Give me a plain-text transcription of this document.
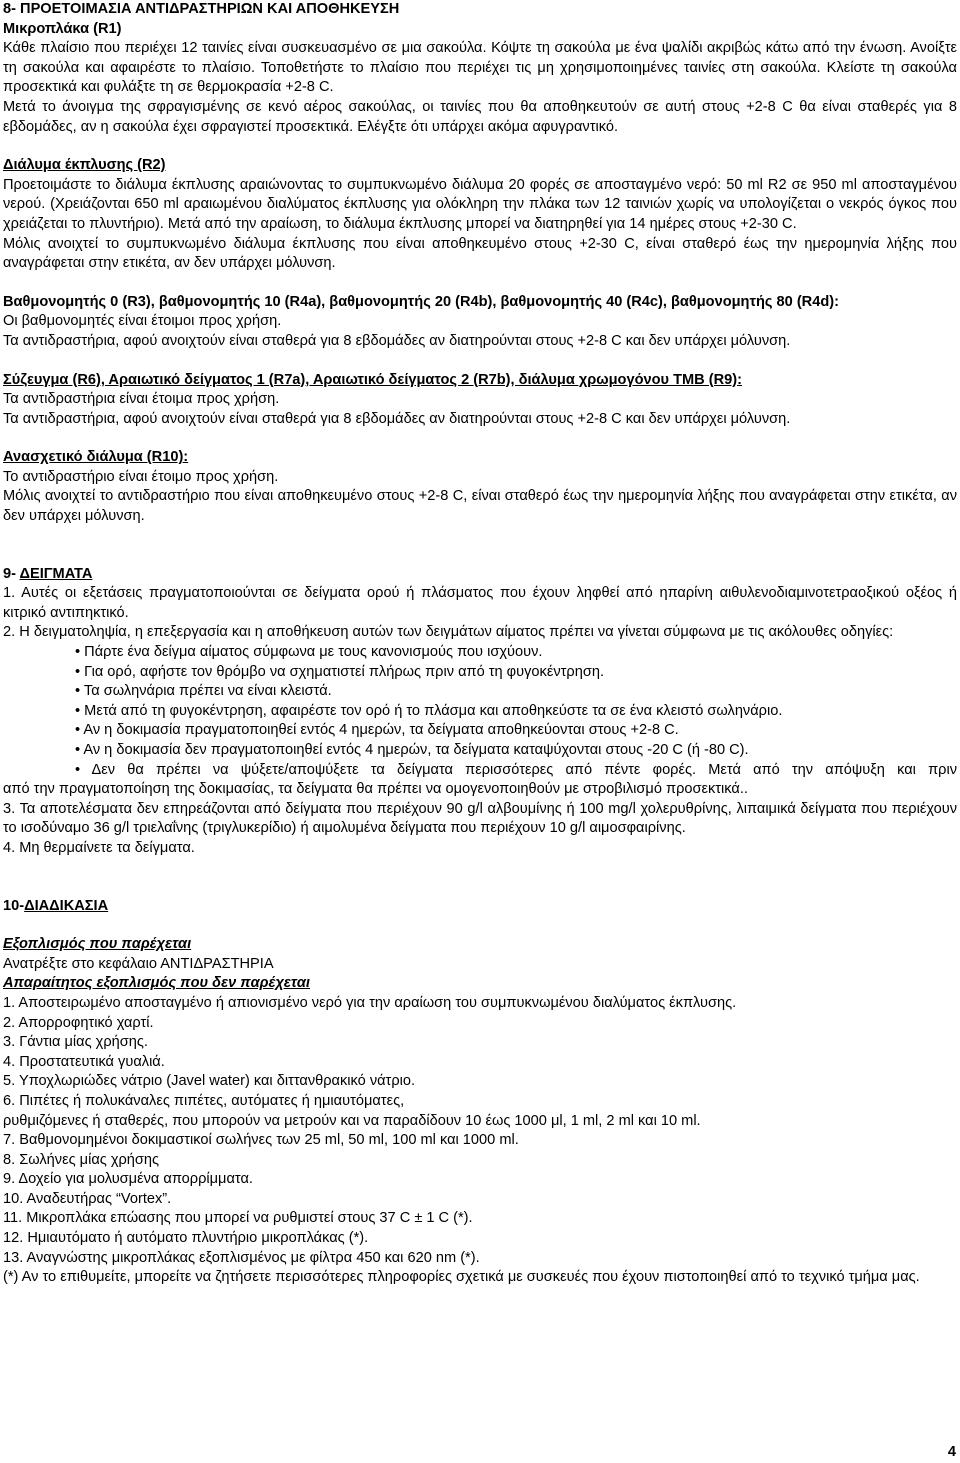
8- ΠΡΟΕΤΟΙΜΑΣΙΑ ΑΝΤΙΔΡΑΣΤΗΡΙΩΝ ΚΑΙ ΑΠΟΘΗΚΕΥΣΗ

Μικροπλάκα (R1)

Κάθε πλαίσιο που περιέχει 12 ταινίες είναι συσκευασμένο σε μια σακούλα. Κόψτε τη σακούλα με ένα ψαλίδι ακριβώς κάτω από την ένωση. Ανοίξτε τη σακούλα και αφαιρέστε το πλαίσιο. Τοποθετήστε το πλαίσιο που περιέχει τις μη χρησιμοποιημένες ταινίες στη σακούλα. Κλείστε τη σακούλα προσεκτικά και φυλάξτε τη σε θερμοκρασία +2-8 C.

Μετά το άνοιγμα της σφραγισμένης σε κενό αέρος σακούλας, οι ταινίες που θα αποθηκευτούν σε αυτή στους +2-8 C θα είναι σταθερές για 8 εβδομάδες, αν η σακούλα έχει σφραγιστεί προσεκτικά. Ελέγξτε ότι υπάρχει ακόμα αφυγραντικό.

Διάλυμα έκπλυσης (R2)

Προετοιμάστε το διάλυμα έκπλυσης αραιώνοντας το συμπυκνωμένο διάλυμα 20 φορές σε αποσταγμένο νερό: 50 ml R2 σε 950 ml αποσταγμένου νερού. (Χρειάζονται 650 ml αραιωμένου διαλύματος έκπλυσης για ολόκληρη την πλάκα των 12 ταινιών χωρίς να υπολογίζεται ο νεκρός όγκος που χρειάζεται το πλυντήριο). Μετά από την αραίωση, το διάλυμα έκπλυσης μπορεί να διατηρηθεί για 14 ημέρες στους +2-30 C.

Μόλις ανοιχτεί το συμπυκνωμένο διάλυμα έκπλυσης που είναι αποθηκευμένο στους +2-30 C, είναι σταθερό έως την ημερομηνία λήξης που αναγράφεται στην ετικέτα, αν δεν υπάρχει μόλυνση.

Βαθμονομητής 0 (R3), βαθμονομητής 10 (R4a), βαθμονομητής 20 (R4b), βαθμονομητής 40 (R4c), βαθμονομητής 80 (R4d):

Οι βαθμονομητές είναι έτοιμοι προς χρήση.

Τα αντιδραστήρια, αφού ανοιχτούν είναι σταθερά για 8 εβδομάδες αν διατηρούνται στους +2-8 C και δεν υπάρχει μόλυνση.

Σύζευγμα (R6), Αραιωτικό δείγματος 1 (R7a), Αραιωτικό δείγματος 2 (R7b), διάλυμα χρωμογόνου ΤΜΒ (R9):

Τα αντιδραστήρια είναι έτοιμα προς χρήση.

Τα αντιδραστήρια, αφού ανοιχτούν είναι σταθερά για 8 εβδομάδες αν διατηρούνται στους +2-8 C και δεν υπάρχει μόλυνση.

Ανασχετικό διάλυμα (R10):

Το αντιδραστήριο είναι έτοιμο προς χρήση.

Μόλις ανοιχτεί το αντιδραστήριο που είναι αποθηκευμένο στους +2-8 C, είναι σταθερό έως την ημερομηνία λήξης που αναγράφεται στην ετικέτα, αν δεν υπάρχει μόλυνση.

9- ΔΕΙΓΜΑΤΑ

1. Αυτές οι εξετάσεις πραγματοποιούνται σε δείγματα ορού ή πλάσματος που έχουν ληφθεί από ηπαρίνη αιθυλενοδιαμινοτετραοξικού οξέος ή κιτρικό αντιπηκτικό.

2. Η δειγματοληψία, η επεξεργασία και η αποθήκευση αυτών των δειγμάτων αίματος πρέπει να γίνεται σύμφωνα με τις ακόλουθες οδηγίες:

• Πάρτε ένα δείγμα αίματος σύμφωνα με τους κανονισμούς που ισχύουν.

• Για ορό, αφήστε τον θρόμβο να σχηματιστεί πλήρως πριν από τη φυγοκέντρηση.

• Τα σωληνάρια πρέπει να είναι κλειστά.

• Μετά από τη φυγοκέντρηση, αφαιρέστε τον ορό ή το πλάσμα και αποθηκεύστε τα σε ένα κλειστό σωληνάριο.

• Αν η δοκιμασία πραγματοποιηθεί εντός 4 ημερών, τα δείγματα αποθηκεύονται στους +2-8 C.

• Αν η δοκιμασία δεν πραγματοποιηθεί εντός 4 ημερών, τα δείγματα καταψύχονται στους -20 C (ή -80 C).

• Δεν θα πρέπει να ψύξετε/αποψύξετε τα δείγματα περισσότερες από πέντε φορές. Μετά από την απόψυξη και πριν

από την πραγματοποίηση της δοκιμασίας, τα δείγματα θα πρέπει να ομογενοποιηθούν με στροβιλισμό προσεκτικά..

3. Τα αποτελέσματα δεν επηρεάζονται από δείγματα που περιέχουν 90 g/l αλβουμίνης ή 100 mg/l χολερυθρίνης, λιπαιμικά δείγματα που περιέχουν το ισοδύναμο 36 g/l τριελαΐνης (τριγλυκερίδιο) ή αιμολυμένα δείγματα που περιέχουν 10 g/l αιμοσφαιρίνης.

4. Μη θερμαίνετε τα δείγματα.

10-ΔΙΑΔΙΚΑΣΙΑ

Εξοπλισμός που παρέχεται

Ανατρέξτε στο κεφάλαιο ΑΝΤΙΔΡΑΣΤΗΡΙΑ

Απαραίτητος εξοπλισμός που δεν παρέχεται

1. Αποστειρωμένο αποσταγμένο ή απιονισμένο νερό για την αραίωση του συμπυκνωμένου διαλύματος έκπλυσης.

2. Απορροφητικό χαρτί.

3. Γάντια μίας χρήσης.

4. Προστατευτικά γυαλιά.

5. Υποχλωριώδες νάτριο (Javel water) και διττανθρακικό νάτριο.

6. Πιπέτες ή πολυκάναλες πιπέτες, αυτόματες ή ημιαυτόματες,

ρυθμιζόμενες ή σταθερές, που μπορούν να μετρούν και να παραδίδουν 10 έως 1000 μl, 1 ml, 2 ml και 10 ml.

7. Βαθμονομημένοι δοκιμαστικοί σωλήνες των 25 ml, 50 ml, 100 ml και 1000 ml.

8. Σωλήνες μίας χρήσης

9. Δοχείο για μολυσμένα απορρίμματα.

10. Αναδευτήρας “Vortex”.

11. Μικροπλάκα επώασης που μπορεί να ρυθμιστεί στους 37 C ± 1 C (*).

12. Ημιαυτόματο ή αυτόματο πλυντήριο μικροπλάκας (*).

13. Αναγνώστης μικροπλάκας εξοπλισμένος με φίλτρα 450 και 620 nm (*).

(*) Αν το επιθυμείτε, μπορείτε να ζητήσετε περισσότερες πληροφορίες σχετικά με συσκευές που έχουν πιστοποιηθεί από το τεχνικό τμήμα μας.

4
